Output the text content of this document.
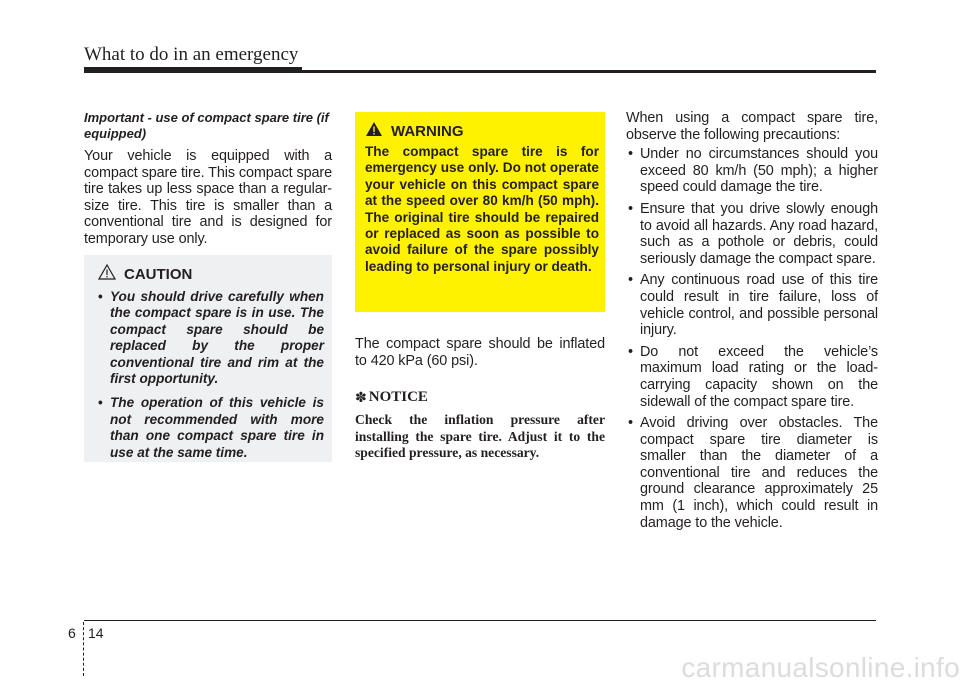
What to do in an emergency
Important - use of compact spare tire (if equipped)

Your vehicle is equipped with a compact spare tire. This compact spare tire takes up less space than a regular-size tire. This tire is smaller than a conventional tire and is designed for temporary use only.

CAUTION
• You should drive carefully when the compact spare is in use. The compact spare should be replaced by the proper conventional tire and rim at the first opportunity.
• The operation of this vehicle is not recommended with more than one compact spare tire in use at the same time.
WARNING

The compact spare tire is for emergency use only. Do not operate your vehicle on this compact spare at the speed over 80 km/h (50 mph). The original tire should be repaired or replaced as soon as possible to avoid failure of the spare possibly leading to personal injury or death.

The compact spare should be inflated to 420 kPa (60 psi).

✽ NOTICE
Check the inflation pressure after installing the spare tire. Adjust it to the specified pressure, as necessary.

When using a compact spare tire, observe the following precautions:

• Under no circumstances should you exceed 80 km/h (50 mph); a higher speed could damage the tire.
• Ensure that you drive slowly enough to avoid all hazards. Any road hazard, such as a pothole or debris, could seriously damage the compact spare.
• Any continuous road use of this tire could result in tire failure, loss of vehicle control, and possible personal injury.
• Do not exceed the vehicle’s maximum load rating or the load-carrying capacity shown on the sidewall of the compact spare tire.
• Avoid driving over obstacles. The compact spare tire diameter is smaller than the diameter of a conventional tire and reduces the ground clearance approximately 25 mm (1 inch), which could result in damage to the vehicle.
6 14
carmanualsonline.info
